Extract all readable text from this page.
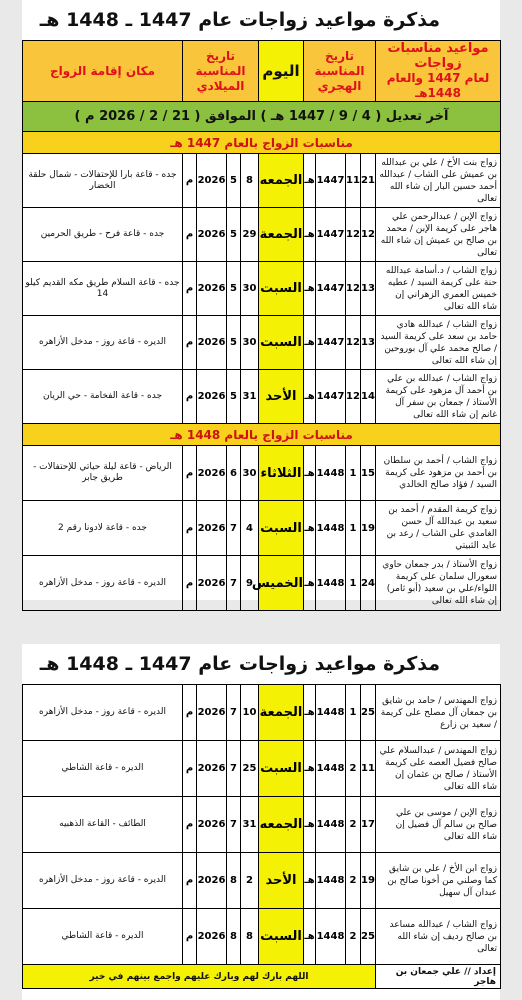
مذكرة مواعيد زواجات عام 1447 ـ 1448 هـ
مواعيد مناسبات زواجات
لعام 1447 والعام 1448هـ	تاريخ المناسبة الهجري				اليوم	تاريخ المناسبة الميلادي				مكان إقامة الزواج
آخر تعديل ( 4 / 9 / 1447 هـ ) الموافق ( 21 / 2 / 2026 م )										
مناسبات الزواج بالعام 1447 هـ										
زواج بنت الأخ / علي بن عبدالله بن عميش على الشاب / عبدالله أحمد حسين البار إن شاء الله تعالى	21	11	1447	هـ	الجمعه	8	5	2026	م	جده - قاعة بارا للإحتفالات - شمال حلقة الخضار
زواج الإبن / عبدالرحمن علي هاجر على كريمة الإبن / محمد بن صالح بن عميش إن شاء الله تعالى	12	12	1447	هـ	الجمعة	29	5	2026	م	جده - قاعة فرح - طريق الحرمين
زواج الشاب / د.أسامة عبدالله حنة على كريمة السيد / عطيه خميس العمري الزهراني إن شاء الله تعالى	13	12	1447	هـ	السبت	30	5	2026	م	جده - قاعة السلام طريق مكه القديم كيلو 14
زواج الشاب / عبدالله هادي حامد بن سعد على كريمة السيد / صالح محمد علي آل بوروحين إن شاء الله تعالى	13	12	1447	هـ	السبت	30	5	2026	م	الديره - قاعة روز - مدخل الأزاهره
زواج الشاب / عبدالله بن علي بن أحمد آل مزهود على كريمة الأستاذ / جمعان بن سفر آل غانم إن شاء الله تعالى	14	12	1447	هـ	الأحد	31	5	2026	م	جده - قاعة الفخامة - حي الريان
مناسبات الزواج بالعام 1448 هـ										
زواج الشاب / أحمد بن سلطان بن أحمد بن مزهود على كريمة السيد / فؤاد صالح الخالدي	15	1	1448	هـ	الثلاثاء	30	6	2026	م	الرياض - قاعة ليلة حياتي للإحتفالات - طريق جابر
زواج كريمة المقدم / أحمد بن سعيد بن عبدالله آل حسن الغامدي على الشاب / رعد بن عايد الثبيتي	19	1	1448	هـ	السبت	4	7	2026	م	جده - قاعة لادونا رقم 2
زواج الأستاذ / بدر جمعان حاوي سعورال سلمان على كريمة اللواء/علي بن سعيد (أبو ثامر) إن شاء الله تعالى	24	1	1448	هـ	الخميس	9	7	2026	م	الديره - قاعة روز - مدخل الأزاهره
مذكرة مواعيد زواجات عام 1447 ـ 1448 هـ
زواج المهندس / حامد بن شايق بن جمعان آل مصلح على كريمة / سعيد بن زارع	25	1	1448	هـ	الجمعة	10	7	2026	م	الديره - قاعة روز - مدخل الأزاهره
زواج المهندس / عبدالسلام علي صالح فضيل العصه على كريمة الأستاذ / صالح بن عثمان إن شاء الله تعالى	11	2	1448	هـ	السبت	25	7	2026	م	الديره - قاعة الشاطي
زواج الإبن / موسى بن علي صالح بن سالم آل فضيل إن شاء الله تعالى	17	2	1448	هـ	الجمعه	31	7	2026	م	الطائف - القاعة الذهبيه
زواج ابن الأخ / علي بن شايق كما وصلني من أخونا صالح بن عبدان آل سهيل	19	2	1448	هـ	الأحد	2	8	2026	م	الديره - قاعة روز - مدخل الأزاهره
زواج الشاب / عبدالله مساعد بن صالح رديف إن شاء الله تعالى	25	2	1448	هـ	السبت	8	8	2026	م	الديره - قاعة الشاطي
إعداد // علي جمعان بن هاجر	اللهم بارك لهم وبارك عليهم واجمع بينهم في خير									
